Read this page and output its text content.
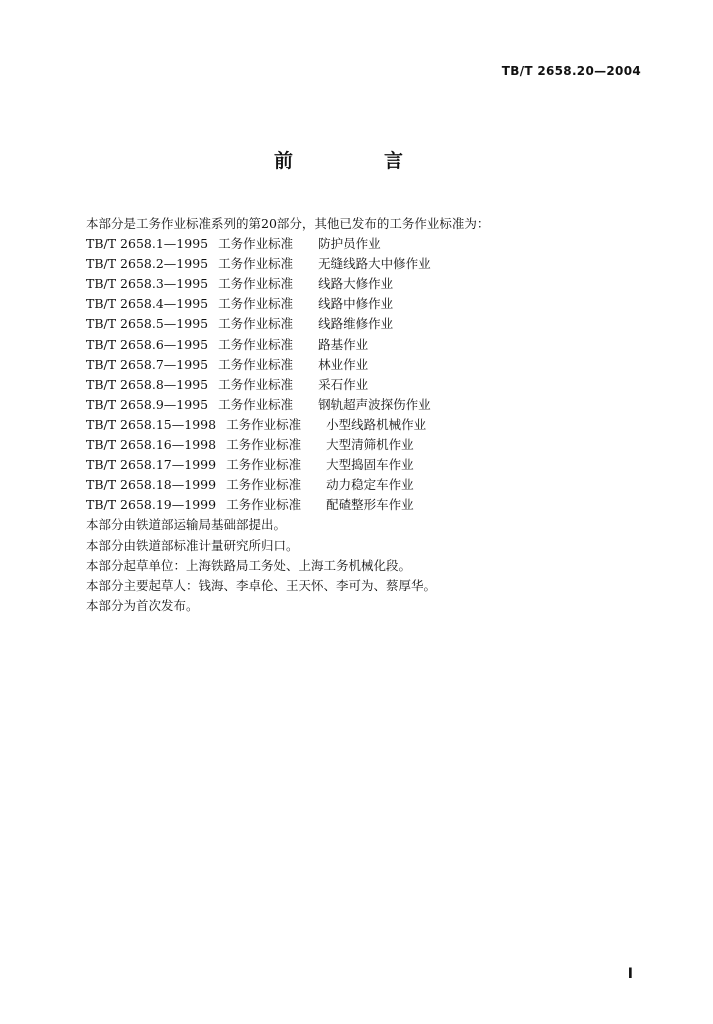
TB/T 2658.20—2004
前　言
本部分是工务作业标准系列的第20部分，其他已发布的工务作业标准为：
TB/T 2658.1—1995 工务作业标准 防护员作业
TB/T 2658.2—1995 工务作业标准 无缝线路大中修作业
TB/T 2658.3—1995 工务作业标准 线路大修作业
TB/T 2658.4—1995 工务作业标准 线路中修作业
TB/T 2658.5—1995 工务作业标准 线路维修作业
TB/T 2658.6—1995 工务作业标准 路基作业
TB/T 2658.7—1995 工务作业标准 林业作业
TB/T 2658.8—1995 工务作业标准 采石作业
TB/T 2658.9—1995 工务作业标准 钢轨超声波探伤作业
TB/T 2658.15—1998 工务作业标准 小型线路机械作业
TB/T 2658.16—1998 工务作业标准 大型清筛机作业
TB/T 2658.17—1999 工务作业标准 大型捣固车作业
TB/T 2658.18—1999 工务作业标准 动力稳定车作业
TB/T 2658.19—1999 工务作业标准 配碴整形车作业
本部分由铁道部运输局基础部提出。
本部分由铁道部标准计量研究所归口。
本部分起草单位：上海铁路局工务处、上海工务机械化段。
本部分主要起草人：钱海、李卓伦、王天怀、李可为、蔡厚华。
本部分为首次发布。
I
